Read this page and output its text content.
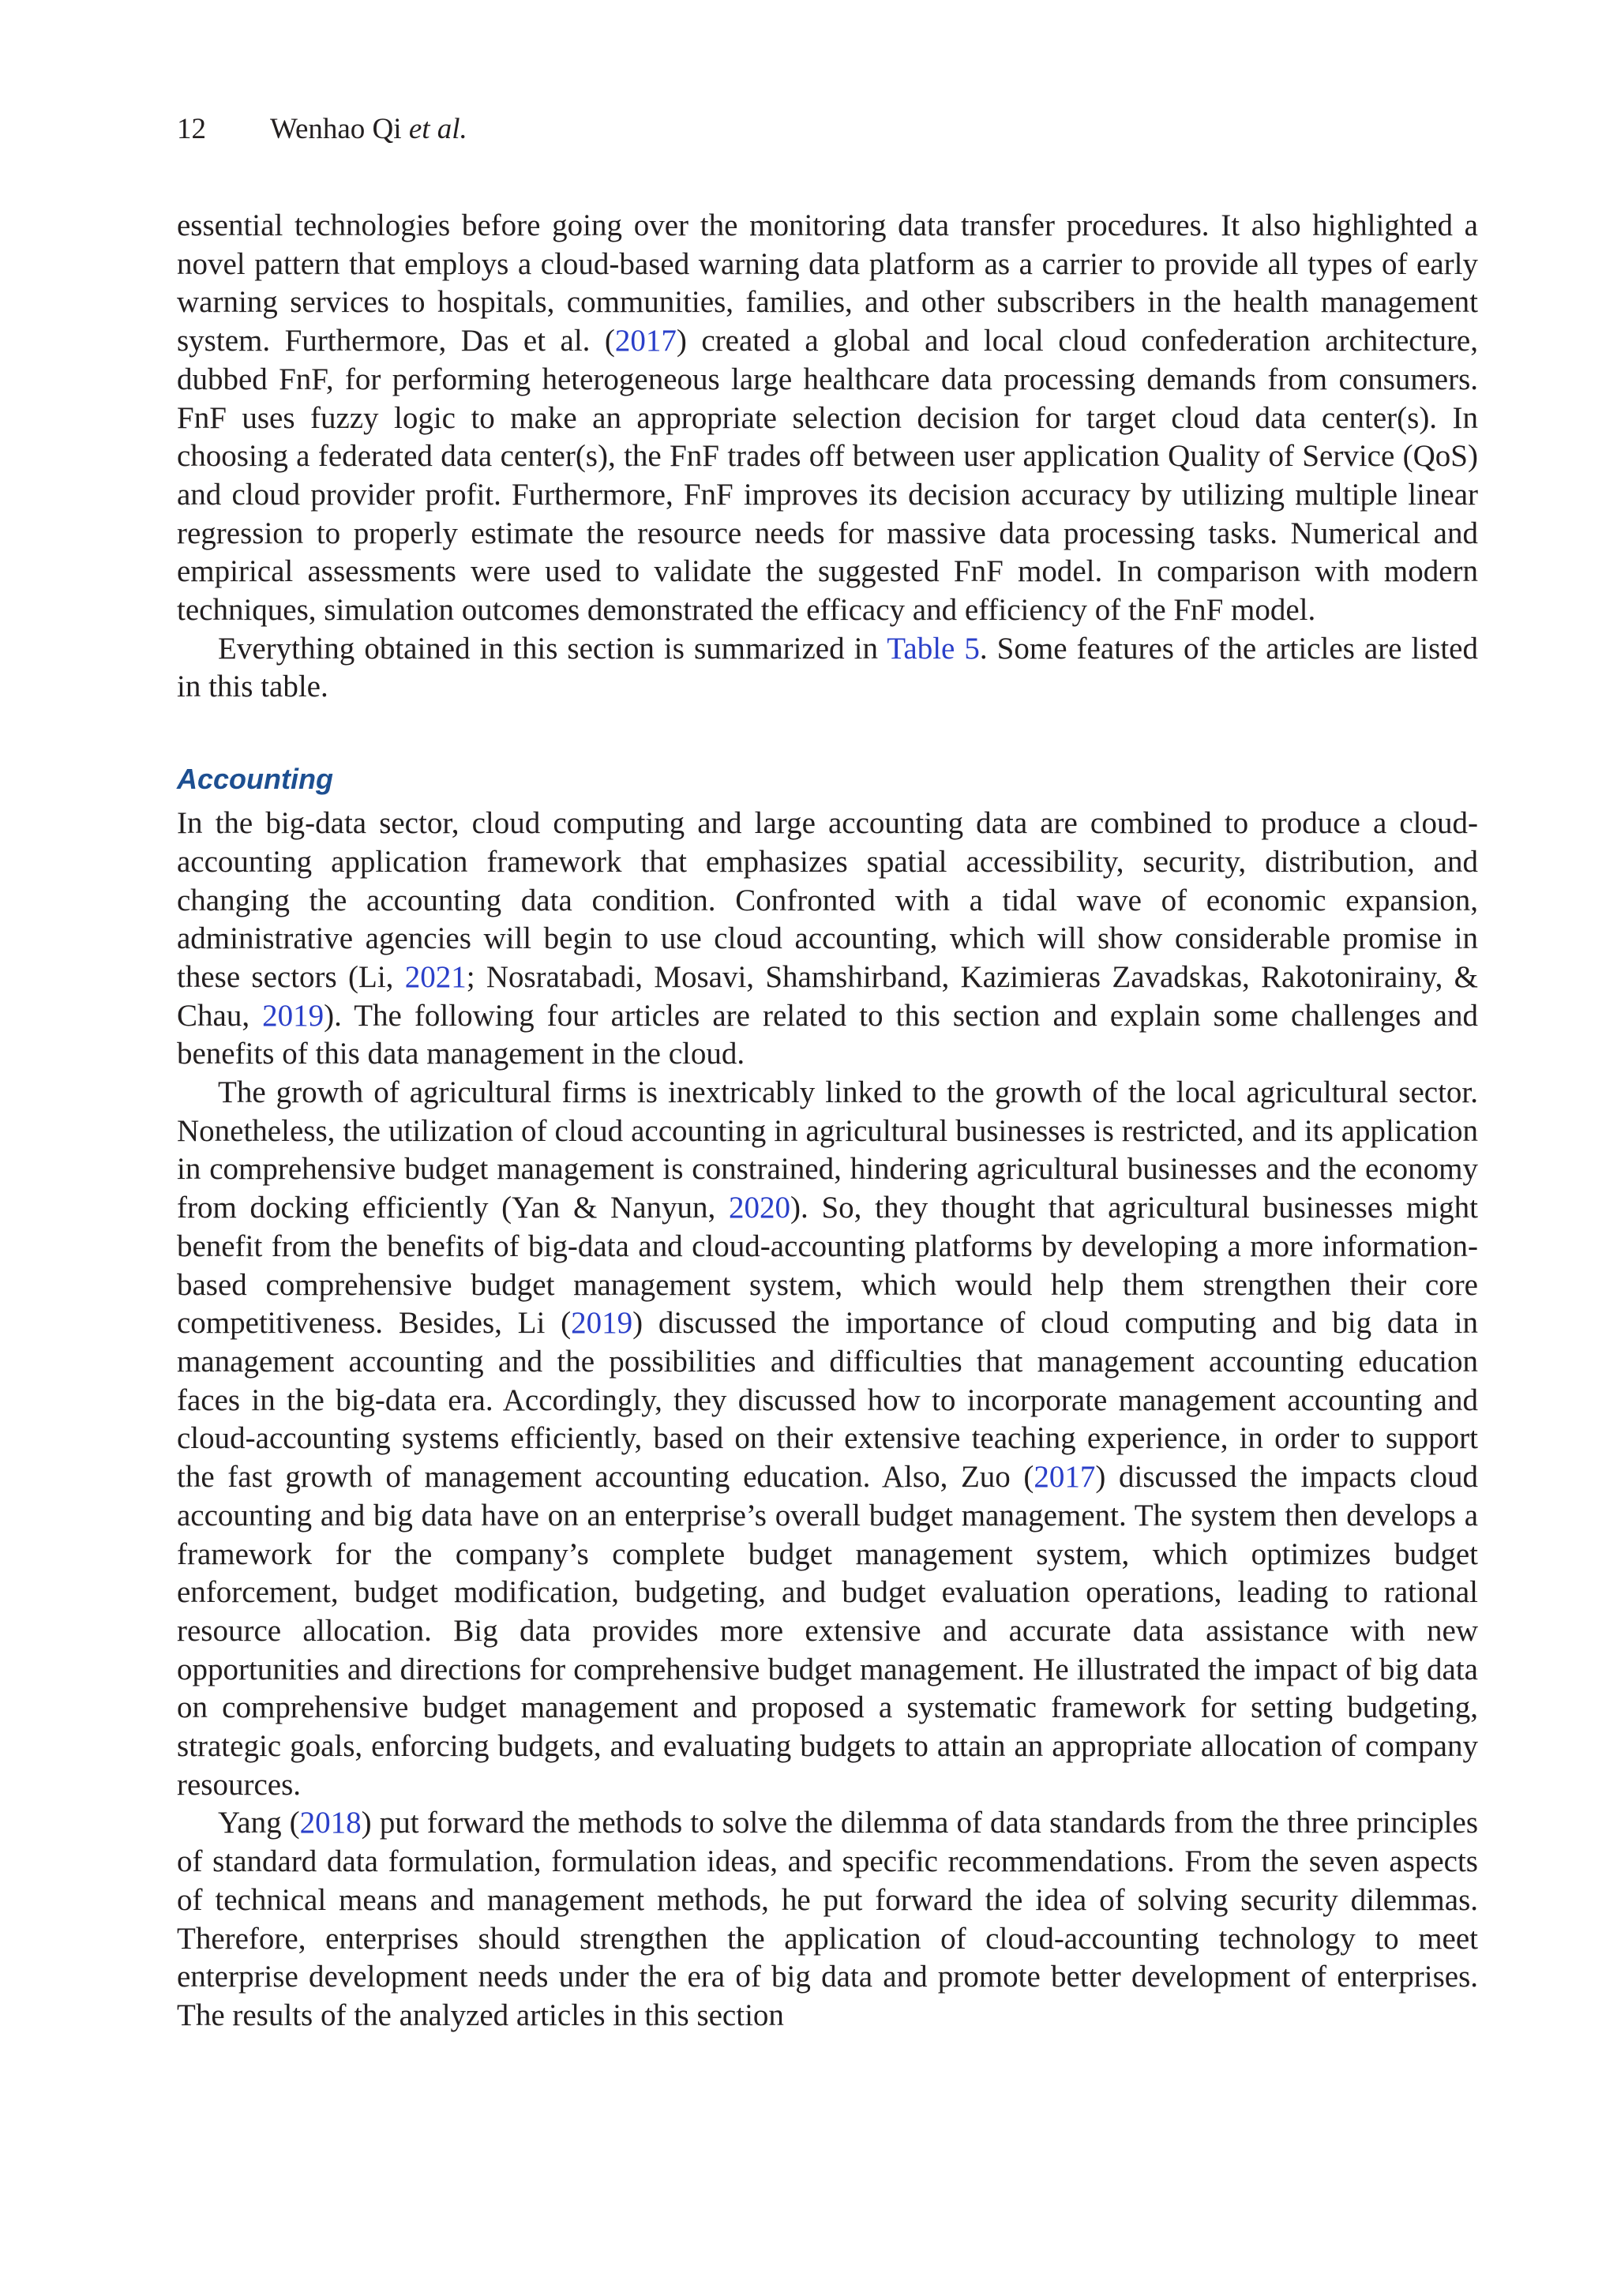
12 Wenhao Qi et al.

essential technologies before going over the monitoring data transfer procedures. It also highlighted a novel pattern that employs a cloud-based warning data platform as a carrier to provide all types of early warning services to hospitals, communities, families, and other subscribers in the health management system. Furthermore, Das et al. (2017) created a global and local cloud confederation architecture, dubbed FnF, for performing heterogeneous large healthcare data processing demands from consumers. FnF uses fuzzy logic to make an appropriate selection decision for target cloud data center(s). In choosing a federated data center(s), the FnF trades off between user application Quality of Service (QoS) and cloud provider profit. Furthermore, FnF improves its decision accuracy by utilizing multiple linear regression to properly estimate the resource needs for massive data processing tasks. Numerical and empirical assessments were used to validate the suggested FnF model. In comparison with modern techniques, simulation outcomes demonstrated the efficacy and efficiency of the FnF model.

Everything obtained in this section is summarized in Table 5. Some features of the articles are listed in this table.

Accounting

In the big-data sector, cloud computing and large accounting data are combined to produce a cloud-accounting application framework that emphasizes spatial accessibility, security, distribution, and changing the accounting data condition. Confronted with a tidal wave of economic expansion, administrative agencies will begin to use cloud accounting, which will show considerable promise in these sectors (Li, 2021; Nosratabadi, Mosavi, Shamshirband, Kazimieras Zavadskas, Rakotonirainy, & Chau, 2019). The following four articles are related to this section and explain some challenges and benefits of this data management in the cloud.

The growth of agricultural firms is inextricably linked to the growth of the local agricultural sector. Nonetheless, the utilization of cloud accounting in agricultural businesses is restricted, and its application in comprehensive budget management is constrained, hindering agricultural businesses and the economy from docking efficiently (Yan & Nanyun, 2020). So, they thought that agricultural businesses might benefit from the benefits of big-data and cloud-accounting platforms by developing a more information-based comprehensive budget management system, which would help them strengthen their core competitiveness. Besides, Li (2019) discussed the importance of cloud computing and big data in management accounting and the possibilities and difficulties that management accounting education faces in the big-data era. Accordingly, they discussed how to incorporate management accounting and cloud-accounting systems efficiently, based on their extensive teaching experience, in order to support the fast growth of management accounting education. Also, Zuo (2017) discussed the impacts cloud accounting and big data have on an enterprise’s overall budget management. The system then develops a framework for the company’s complete budget management system, which optimizes budget enforcement, budget modification, budgeting, and budget evaluation operations, leading to rational resource allocation. Big data provides more extensive and accurate data assistance with new opportunities and directions for comprehensive budget management. He illustrated the impact of big data on comprehensive budget management and proposed a systematic framework for setting budgeting, strategic goals, enforcing budgets, and evaluating budgets to attain an appropriate allocation of company resources.

Yang (2018) put forward the methods to solve the dilemma of data standards from the three principles of standard data formulation, formulation ideas, and specific recommendations. From the seven aspects of technical means and management methods, he put forward the idea of solving security dilemmas. Therefore, enterprises should strengthen the application of cloud-accounting technology to meet enterprise development needs under the era of big data and promote better development of enterprises. The results of the analyzed articles in this section
